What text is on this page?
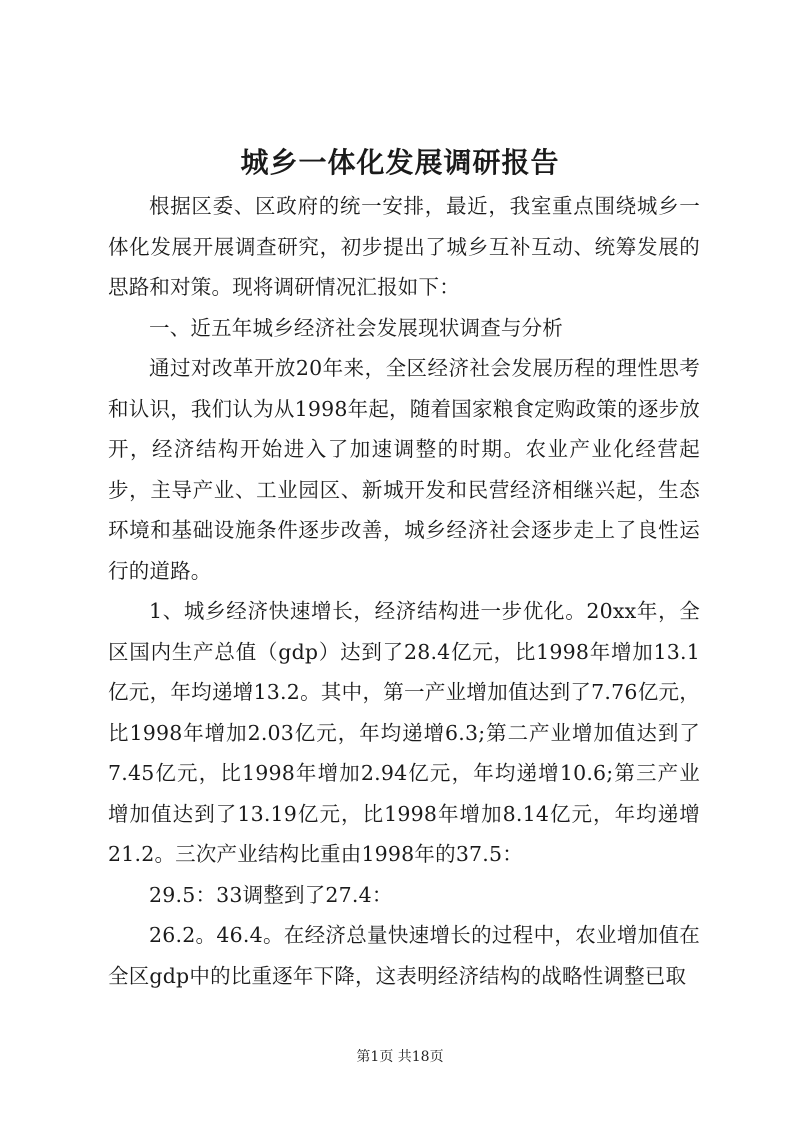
城乡一体化发展调研报告

根据区委、区政府的统一安排，最近，我室重点围绕城乡一体化发展开展调查研究，初步提出了城乡互补互动、统筹发展的思路和对策。现将调研情况汇报如下：

一、近五年城乡经济社会发展现状调查与分析

通过对改革开放20年来，全区经济社会发展历程的理性思考和认识，我们认为从1998年起，随着国家粮食定购政策的逐步放开，经济结构开始进入了加速调整的时期。农业产业化经营起步，主导产业、工业园区、新城开发和民营经济相继兴起，生态环境和基础设施条件逐步改善，城乡经济社会逐步走上了良性运行的道路。

1、城乡经济快速增长，经济结构进一步优化。20xx年，全区国内生产总值（gdp）达到了28.4亿元，比1998年增加13.1亿元，年均递增13.2。其中，第一产业增加值达到了7.76亿元，比1998年增加2.03亿元，年均递增6.3;第二产业增加值达到了7.45亿元，比1998年增加2.94亿元，年均递增10.6;第三产业增加值达到了13.19亿元，比1998年增加8.14亿元，年均递增21.2。三次产业结构比重由1998年的37.5：

29.5：33调整到了27.4：

26.2。46.4。在经济总量快速增长的过程中，农业增加值在全区gdp中的比重逐年下降，这表明经济结构的战略性调整已取

第1页 共18页
